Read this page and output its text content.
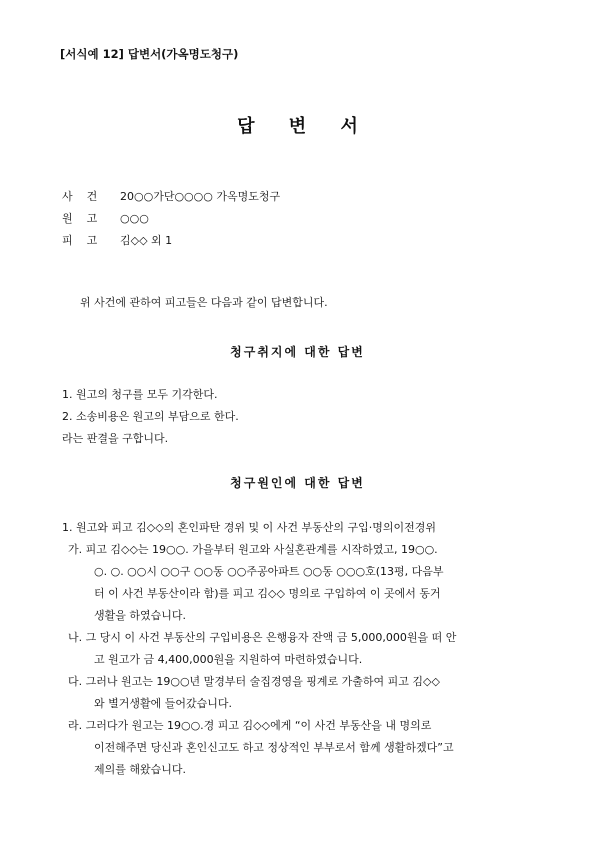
[서식예 12] 답변서(가옥명도청구)
답 변 서
사건 20○○가단○○○○ 가옥명도청구
원고 ○○○
피고 김◇◇ 외 1
위 사건에 관하여 피고들은 다음과 같이 답변합니다.
청구취지에 대한 답변
1. 원고의 청구를 모두 기각한다.
2. 소송비용은 원고의 부담으로 한다.
라는 판결을 구합니다.
청구원인에 대한 답변
1. 원고와 피고 김◇◇의 혼인파탄 경위 및 이 사건 부동산의 구입·명의이전경위
가. 피고 김◇◇는 19○○. 가을부터 원고와 사실혼관계를 시작하였고, 19○○.
○. ○. ○○시 ○○구 ○○동 ○○주공아파트 ○○동 ○○○호(13평, 다음부
터 이 사건 부동산이라 함)를 피고 김◇◇ 명의로 구입하여 이 곳에서 동거
생활을 하였습니다.
나. 그 당시 이 사건 부동산의 구입비용은 은행융자 잔액 금 5,000,000원을 떠 안
고 원고가 금 4,400,000원을 지원하여 마련하였습니다.
다. 그러나 원고는 19○○년 말경부터 술집경영을 핑계로 가출하여 피고 김◇◇
와 별거생활에 들어갔습니다.
라. 그러다가 원고는 19○○.경 피고 김◇◇에게 “이 사건 부동산을 내 명의로
이전해주면 당신과 혼인신고도 하고 정상적인 부부로서 함께 생활하겠다”고
제의를 해왔습니다.
